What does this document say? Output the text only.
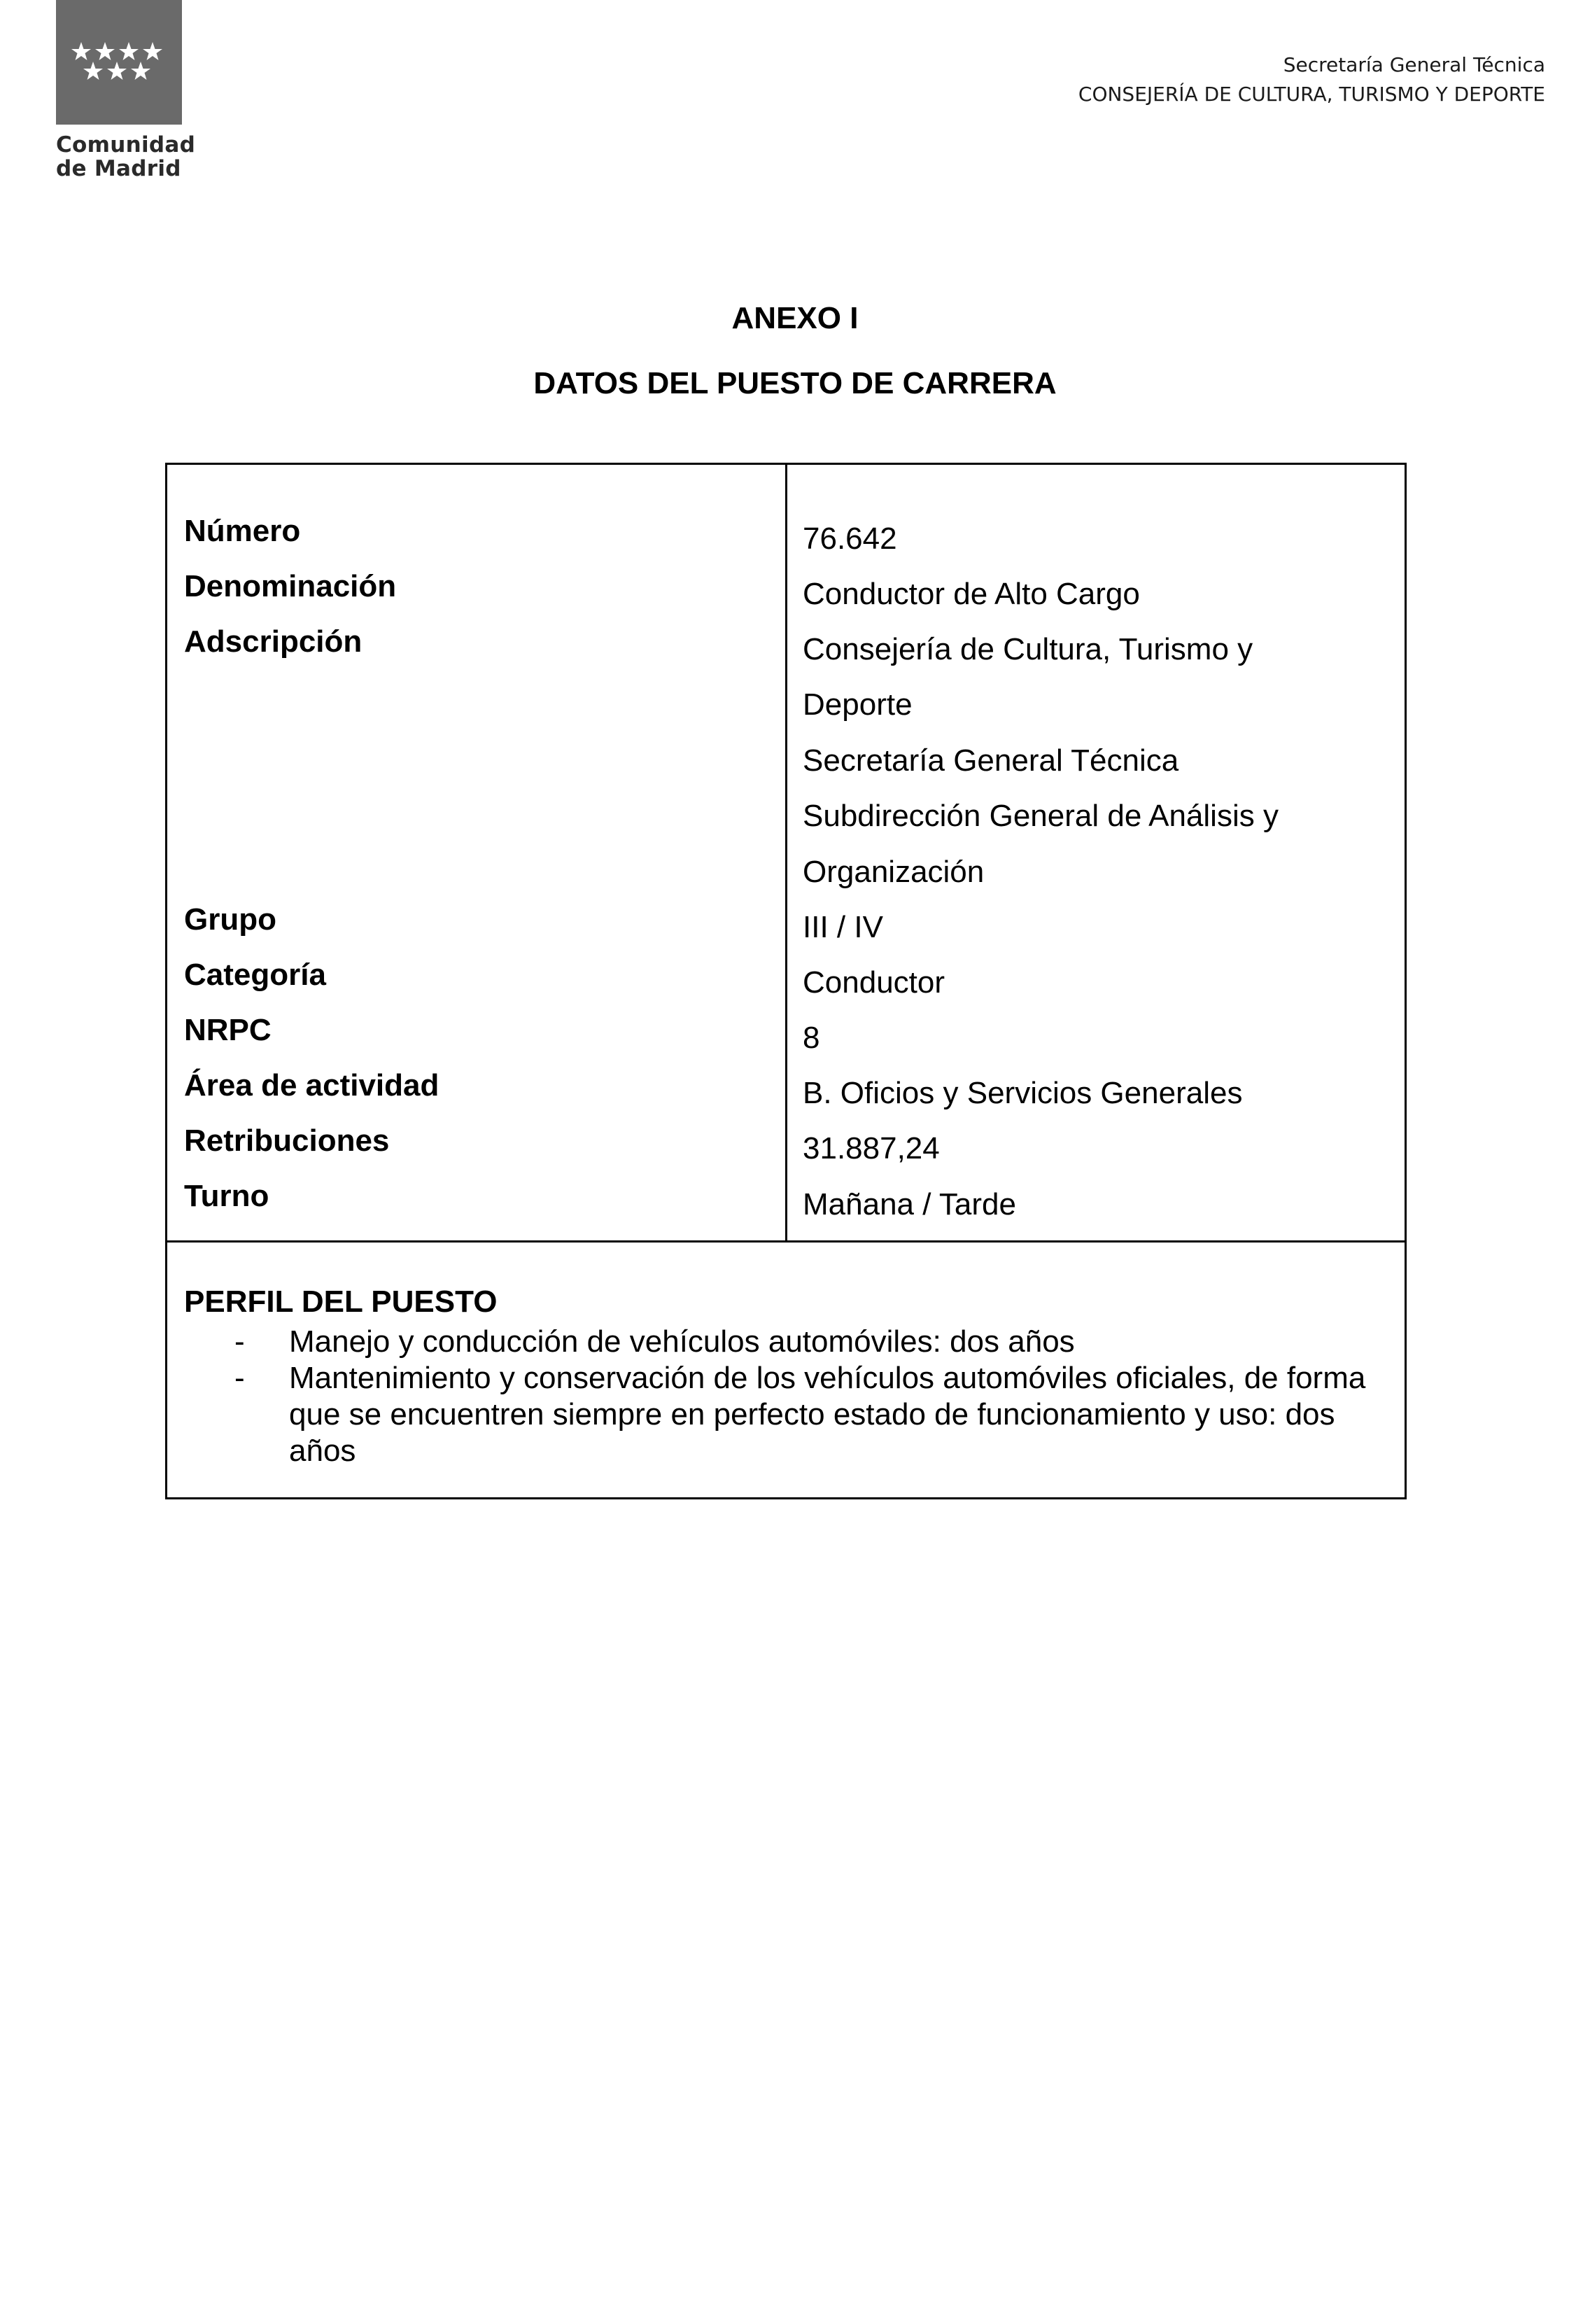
Comunidad
de Madrid
Secretaría General Técnica
CONSEJERÍA DE CULTURA, TURISMO Y DEPORTE
ANEXO I
DATOS DEL PUESTO DE CARRERA
Número
Denominación
Adscripción
Grupo
Categoría
NRPC
Área de actividad
Retribuciones
Turno
76.642
Conductor de Alto Cargo
Consejería de Cultura, Turismo y
Deporte
Secretaría General Técnica
Subdirección General de Análisis y
Organización
III / IV
Conductor
8
B. Oficios y Servicios Generales
31.887,24
Mañana / Tarde
PERFIL DEL PUESTO
- Manejo y conducción de vehículos automóviles: dos años
- Mantenimiento y conservación de los vehículos automóviles oficiales, de forma que se encuentren siempre en perfecto estado de funcionamiento y uso: dos años
